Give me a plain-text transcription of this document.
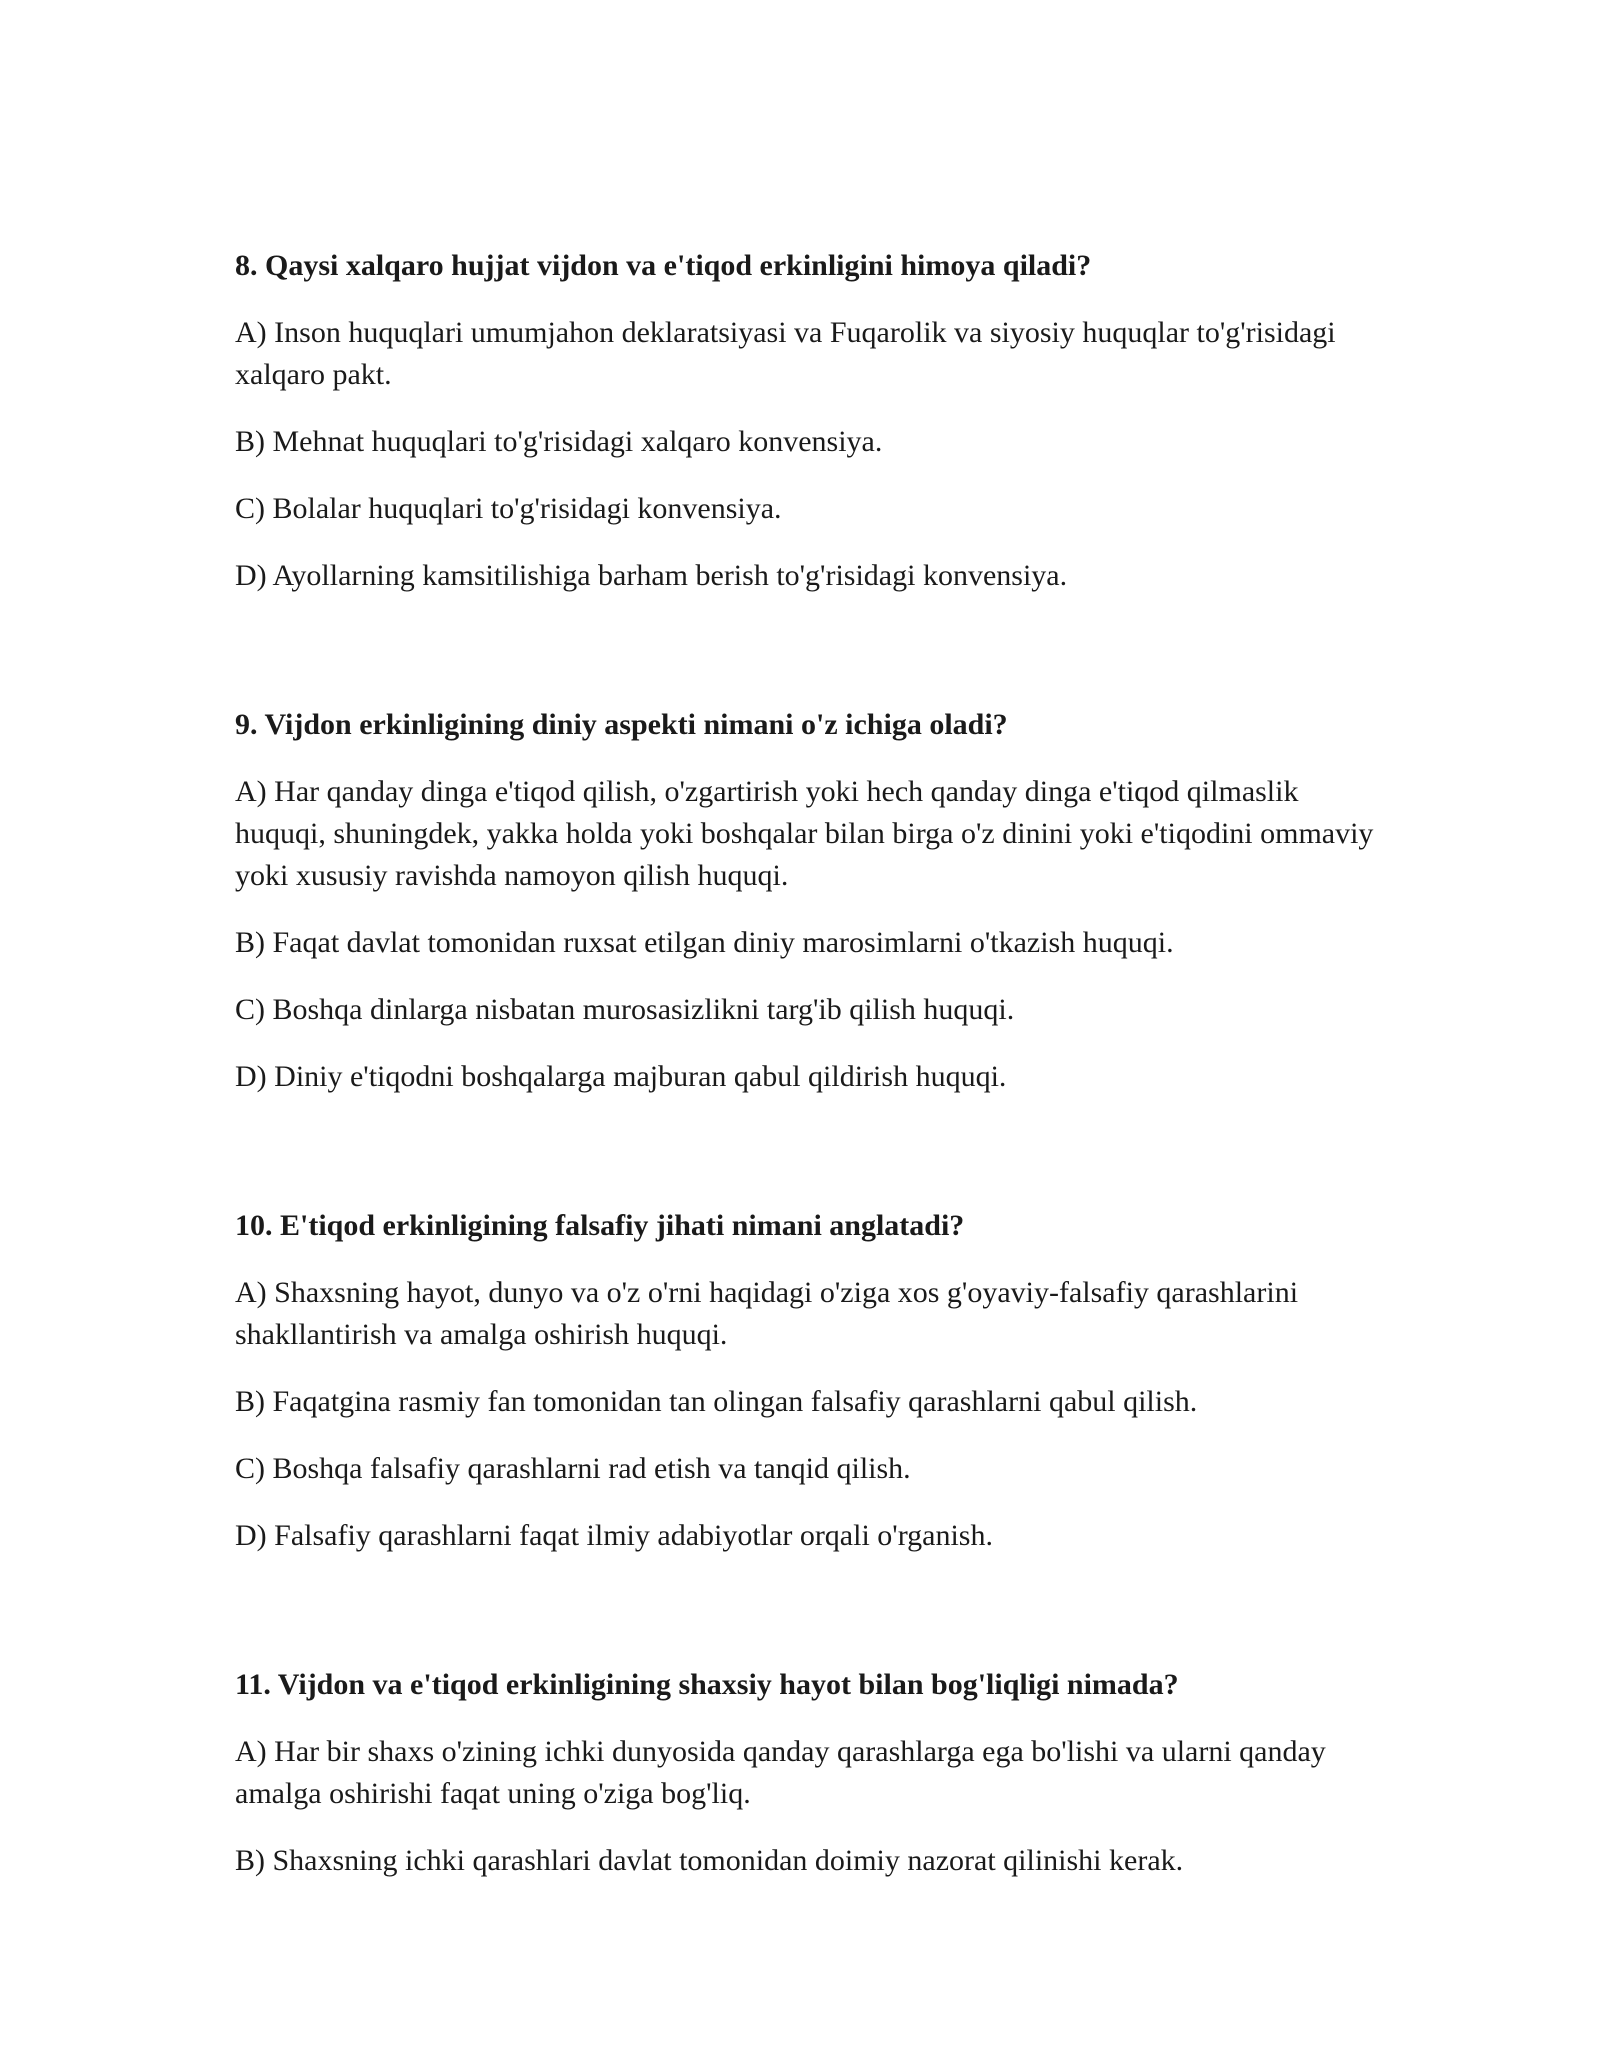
8. Qaysi xalqaro hujjat vijdon va e'tiqod erkinligini himoya qiladi?
A) Inson huquqlari umumjahon deklaratsiyasi va Fuqarolik va siyosiy huquqlar to'g'risidagi xalqaro pakt.
B) Mehnat huquqlari to'g'risidagi xalqaro konvensiya.
C) Bolalar huquqlari to'g'risidagi konvensiya.
D) Ayollarning kamsitilishiga barham berish to'g'risidagi konvensiya.
9. Vijdon erkinligining diniy aspekti nimani o'z ichiga oladi?
A) Har qanday dinga e'tiqod qilish, o'zgartirish yoki hech qanday dinga e'tiqod qilmaslik huquqi, shuningdek, yakka holda yoki boshqalar bilan birga o'z dinini yoki e'tiqodini ommaviy yoki xususiy ravishda namoyon qilish huquqi.
B) Faqat davlat tomonidan ruxsat etilgan diniy marosimlarni o'tkazish huquqi.
C) Boshqa dinlarga nisbatan murosasizlikni targ'ib qilish huquqi.
D) Diniy e'tiqodni boshqalarga majburan qabul qildirish huquqi.
10. E'tiqod erkinligining falsafiy jihati nimani anglatadi?
A) Shaxsning hayot, dunyo va o'z o'rni haqidagi o'ziga xos g'oyaviy-falsafiy qarashlarini shakllantirish va amalga oshirish huquqi.
B) Faqatgina rasmiy fan tomonidan tan olingan falsafiy qarashlarni qabul qilish.
C) Boshqa falsafiy qarashlarni rad etish va tanqid qilish.
D) Falsafiy qarashlarni faqat ilmiy adabiyotlar orqali o'rganish.
11. Vijdon va e'tiqod erkinligining shaxsiy hayot bilan bog'liqligi nimada?
A) Har bir shaxs o'zining ichki dunyosida qanday qarashlarga ega bo'lishi va ularni qanday amalga oshirishi faqat uning o'ziga bog'liq.
B) Shaxsning ichki qarashlari davlat tomonidan doimiy nazorat qilinishi kerak.
